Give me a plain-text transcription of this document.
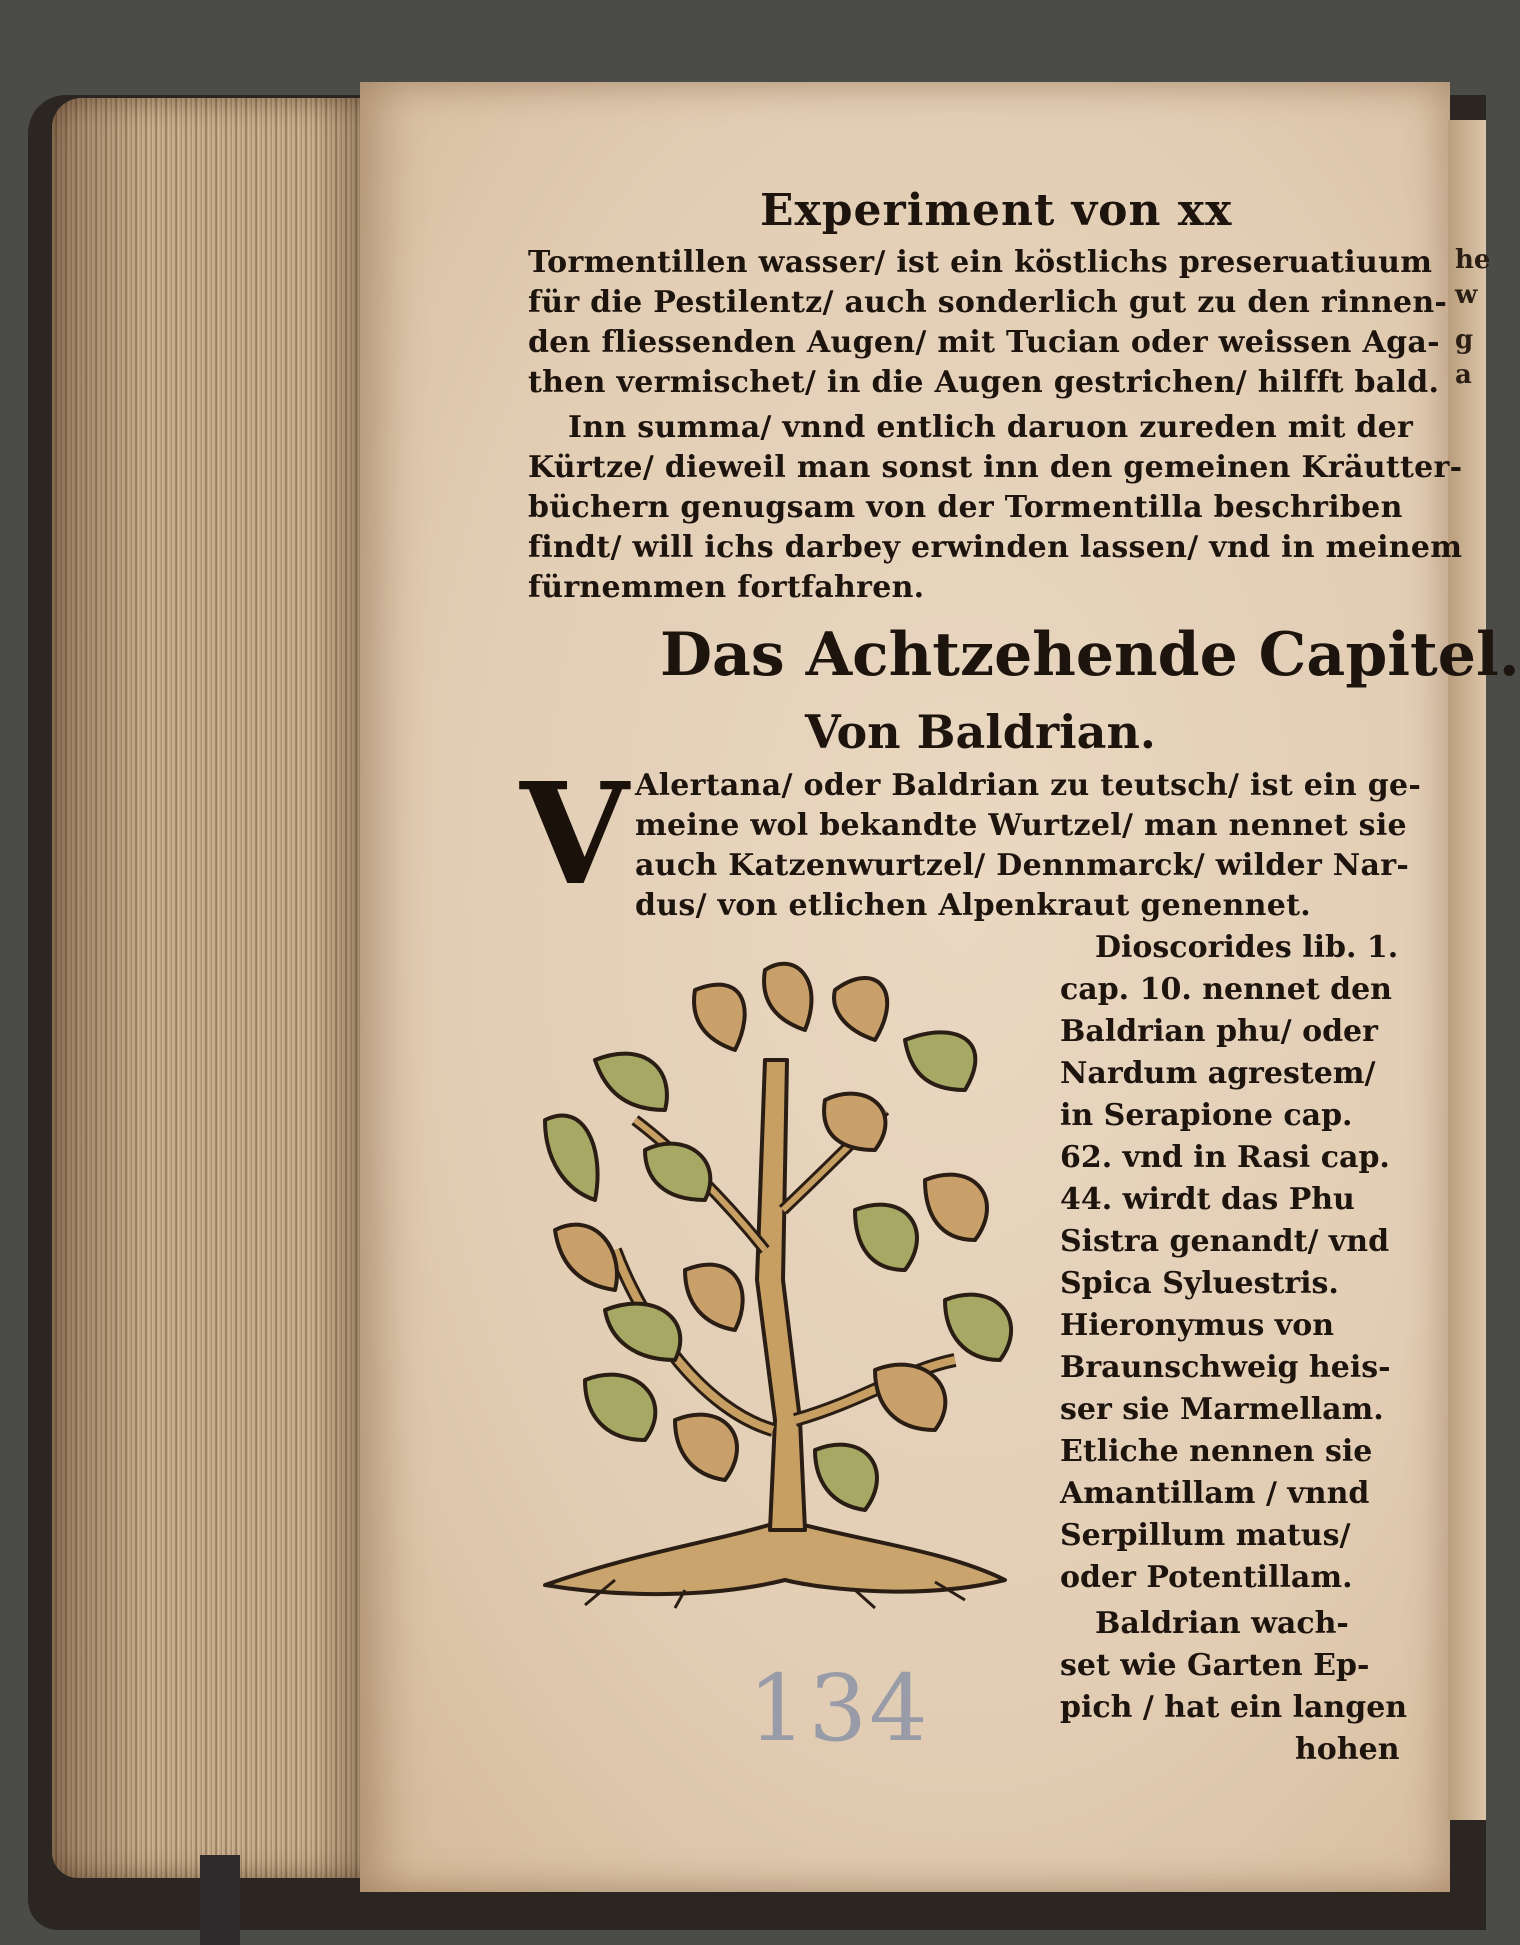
he
w
g
a
Experiment von xx
Tormentillen wasser/ ist ein köstlichs preseruatiuum
für die Pestilentz/ auch sonderlich gut zu den rinnen-
den fliessenden Augen/ mit Tucian oder weissen Aga-
then vermischet/ in die Augen gestrichen/ hilfft bald.
Inn summa/ vnnd entlich daruon zureden mit der
Kürtze/ dieweil man sonst inn den gemeinen Kräutter-
büchern genugsam von der Tormentilla beschriben
findt/ will ichs darbey erwinden lassen/ vnd in meinem
fürnemmen fortfahren.
Das Achtzehende Capitel.
Von Baldrian.
V Alertana/ oder Baldrian zu teutsch/ ist ein ge-
meine wol bekandte Wurtzel/ man nennet sie
auch Katzenwurtzel/ Dennmarck/ wilder Nar-
dus/ von etlichen Alpenkraut genennet.
Dioscorides lib. 1.
cap. 10. nennet den
Baldrian phu/ oder
Nardum agrestem/
in Serapione cap.
62. vnd in Rasi cap.
44. wirdt das Phu
Sistra genandt/ vnd
Spica Syluestris.
Hieronymus von
Braunschweig heis-
ser sie Marmellam.
Etliche nennen sie
Amantillam / vnnd
Serpillum matus/
oder Potentillam.
Baldrian wach-
set wie Garten Ep-
pich / hat ein langen
hohen
134
